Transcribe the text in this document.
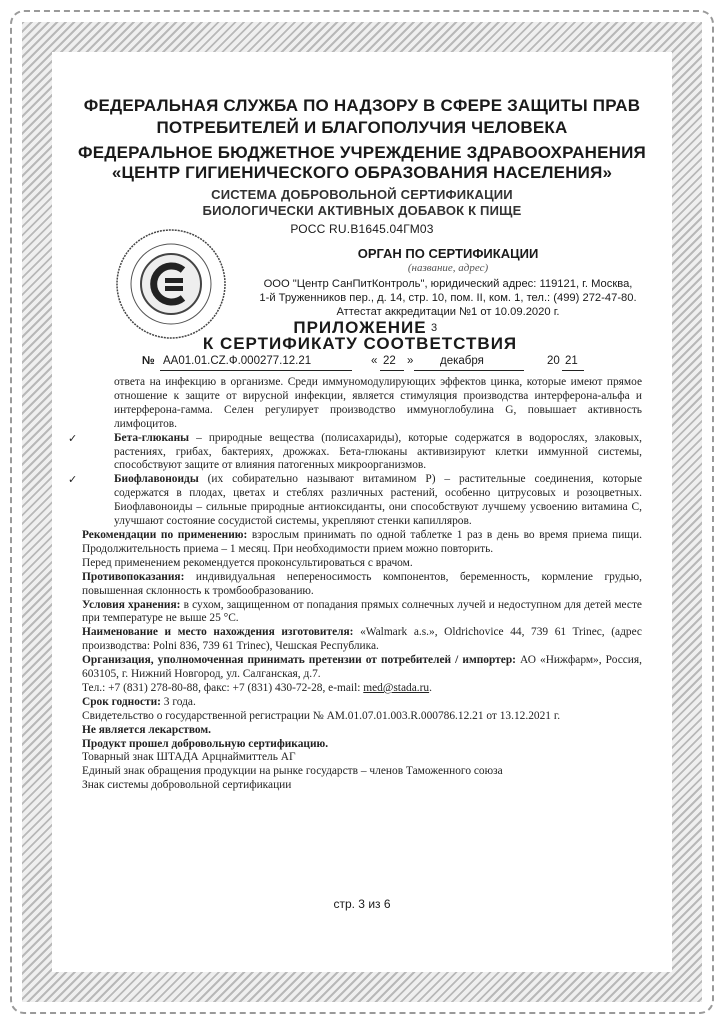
ФЕДЕРАЛЬНАЯ СЛУЖБА ПО НАДЗОРУ В СФЕРЕ ЗАЩИТЫ ПРАВ
ПОТРЕБИТЕЛЕЙ И БЛАГОПОЛУЧИЯ ЧЕЛОВЕКА
ФЕДЕРАЛЬНОЕ БЮДЖЕТНОЕ УЧРЕЖДЕНИЕ ЗДРАВООХРАНЕНИЯ
«ЦЕНТР ГИГИЕНИЧЕСКОГО ОБРАЗОВАНИЯ НАСЕЛЕНИЯ»
СИСТЕМА ДОБРОВОЛЬНОЙ СЕРТИФИКАЦИИ
БИОЛОГИЧЕСКИ АКТИВНЫХ ДОБАВОК К ПИЩЕ
РОСС RU.B1645.04ГМ03
ОРГАН ПО СЕРТИФИКАЦИИ
(название, адрес)
ООО "Центр СанПитКонтроль", юридический адрес: 119121, г. Москва,
1-й Труженников пер., д. 14, стр. 10, пом. II, ком. 1, тел.: (499) 272-47-80.
Аттестат аккредитации №1 от 10.09.2020 г.
ПРИЛОЖЕНИЕ 3
К СЕРТИФИКАТУ СООТВЕТСТВИЯ
№ АА01.01.CZ.Ф.000277.12.21	« 22 » декабря	20 21

ответа на инфекцию в организме. Среди иммуномодулирующих эффектов цинка, которые имеют прямое отношение к защите от вирусной инфекции, является стимуляция производства интерферона-альфа и интерферона-гамма. Селен регулирует производство иммуноглобулина G, повышает активность лимфоцитов.

✓	Бета-глюканы – природные вещества (полисахариды), которые содержатся в водорослях, злаковых, растениях, грибах, бактериях, дрожжах. Бета-глюканы активизируют клетки иммунной системы, способствуют защите от влияния патогенных микроорганизмов.

✓	Биофлавоноиды (их собирательно называют витамином Р) – растительные соединения, которые содержатся в плодах, цветах и стеблях различных растений, особенно цитрусовых и розоцветных. Биофлавоноиды – сильные природные антиоксиданты, они способствуют лучшему усвоению витамина С, улучшают состояние сосудистой системы, укрепляют стенки капилляров.

Рекомендации по применению: взрослым принимать по одной таблетке 1 раз в день во время приема пищи. Продолжительность приема – 1 месяц. При необходимости прием можно повторить.

Перед применением рекомендуется проконсультироваться с врачом.

Противопоказания: индивидуальная непереносимость компонентов, беременность, кормление грудью, повышенная склонность к тромбообразованию.

Условия хранения: в сухом, защищенном от попадания прямых солнечных лучей и недоступном для детей месте при температуре не выше 25 °С.

Наименование и место нахождения изготовителя: «Walmark a.s.», Oldrichovice 44, 739 61 Trinec, (адрес производства: Polni 836, 739 61 Trinec), Чешская Республика.

Организация, уполномоченная принимать претензии от потребителей / импортер: АО «Нижфарм», Россия, 603105, г. Нижний Новгород, ул. Салганская, д.7.

Тел.: +7 (831) 278-80-88, факс: +7 (831) 430-72-28, e-mail: med@stada.ru.

Срок годности: 3 года.

Свидетельство о государственной регистрации № АМ.01.07.01.003.R.000786.12.21 от 13.12.2021 г.

Не является лекарством.

Продукт прошел добровольную сертификацию.

Товарный знак ШТАДА Арцнаймиттель АГ

Единый знак обращения продукции на рынке государств – членов Таможенного союза

Знак системы добровольной сертификации

стр. 3 из 6
